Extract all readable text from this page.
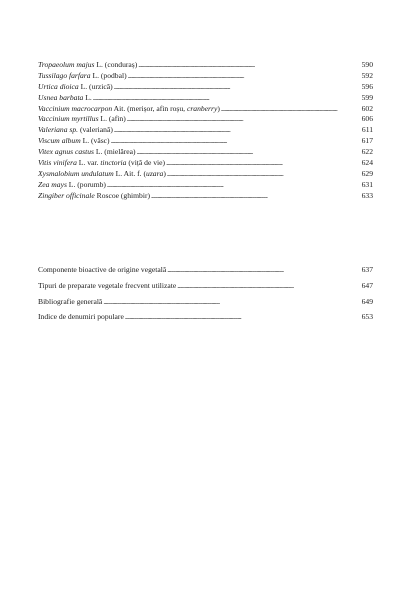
Tropaeolum majus L. (conduraș) . . .	590
Tussilago farfara L. (podbal) . . .	592
Urtica dioica L. (urzică) . . .	596
Usnea barbata L. . . .	599
Vaccinium macrocarpon Ait. (merișor, afin roșu, cranberry) . . .	602
Vaccinium myrtillus L. (afin) . . .	606
Valeriana sp. (valeriană) . . .	611
Viscum album L. (vâsc) . . .	617
Vitex agnus castus L. (mielărea) . . .	622
Vitis vinifera L. var. tinctoria (viță de vie) . . .	624
Xysmalobium undulatum L. Ait. f. (uzara) . . .	629
Zea mays L. (porumb) . . .	631
Zingiber officinale Roscoe (ghimbir) . . .	633
Componente bioactive de origine vegetală . . .	637
Tipuri de preparate vegetale frecvent utilizate . . .	647
Bibliografie generală . . .	649
Indice de denumiri populare . . .	653
